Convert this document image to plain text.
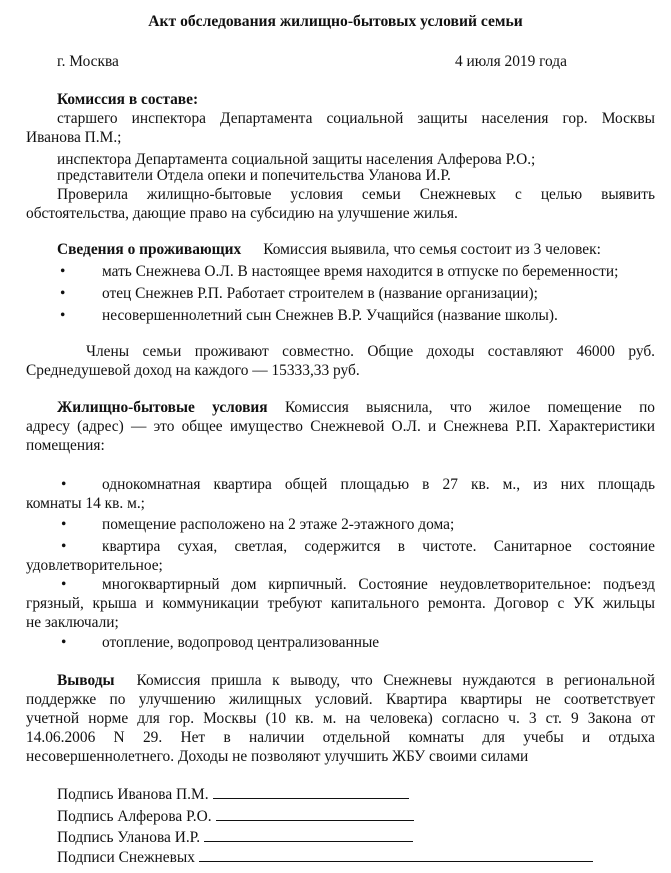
Акт обследования жилищно-бытовых условий семьи
г. Москва	4 июля 2019 года
Комиссия в составе:
старшего инспектора Департамента социальной защиты населения гор. Москвы
Иванова П.М.;
инспектора Департамента социальной защиты населения Алферова Р.О.;
представители Отдела опеки и попечительства Уланова И.Р.
Проверила жилищно-бытовые условия семьи Снежневых с целью выявить
обстоятельства, дающие право на субсидию на улучшение жилья.
Сведения о проживающих Комиссия выявила, что семья состоит из 3 человек:
• мать Снежнева О.Л. В настоящее время находится в отпуске по беременности;
• отец Снежнев Р.П. Работает строителем в (название организации);
• несовершеннолетний сын Снежнев В.Р. Учащийся (название школы).
Члены семьи проживают совместно. Общие доходы составляют 46000 руб.
Среднедушевой доход на каждого — 15333,33 руб.
Жилищно-бытовые условия Комиссия выяснила, что жилое помещение по
адресу (адрес) — это общее имущество Снежневой О.Л. и Снежнева Р.П. Характеристики
помещения:
•	однокомнатная квартира общей площадью в 27 кв. м., из них площадь
комнаты 14 кв. м.;
•	помещение расположено на 2 этаже 2-этажного дома;
•	квартира сухая, светлая, содержится в чистоте. Санитарное состояние
удовлетворительное;
•	многоквартирный дом кирпичный. Состояние неудовлетворительное: подъезд
грязный, крыша и коммуникации требуют капитального ремонта. Договор с УК жильцы
не заключали;
•	отопление, водопровод централизованные
Выводы Комиссия пришла к выводу, что Снежневы нуждаются в региональной
поддержке по улучшению жилищных условий. Квартира квартиры не соответствует
учетной норме для гор. Москвы (10 кв. м. на человека) согласно ч. 3 ст. 9 Закона от
14.06.2006 N 29. Нет в наличии отдельной комнаты для учебы и отдыха
несовершеннолетнего. Доходы не позволяют улучшить ЖБУ своими силами
Подпись Иванова П.М.
Подпись Алферова Р.О.
Подпись Уланова И.Р.
Подписи Снежневых
